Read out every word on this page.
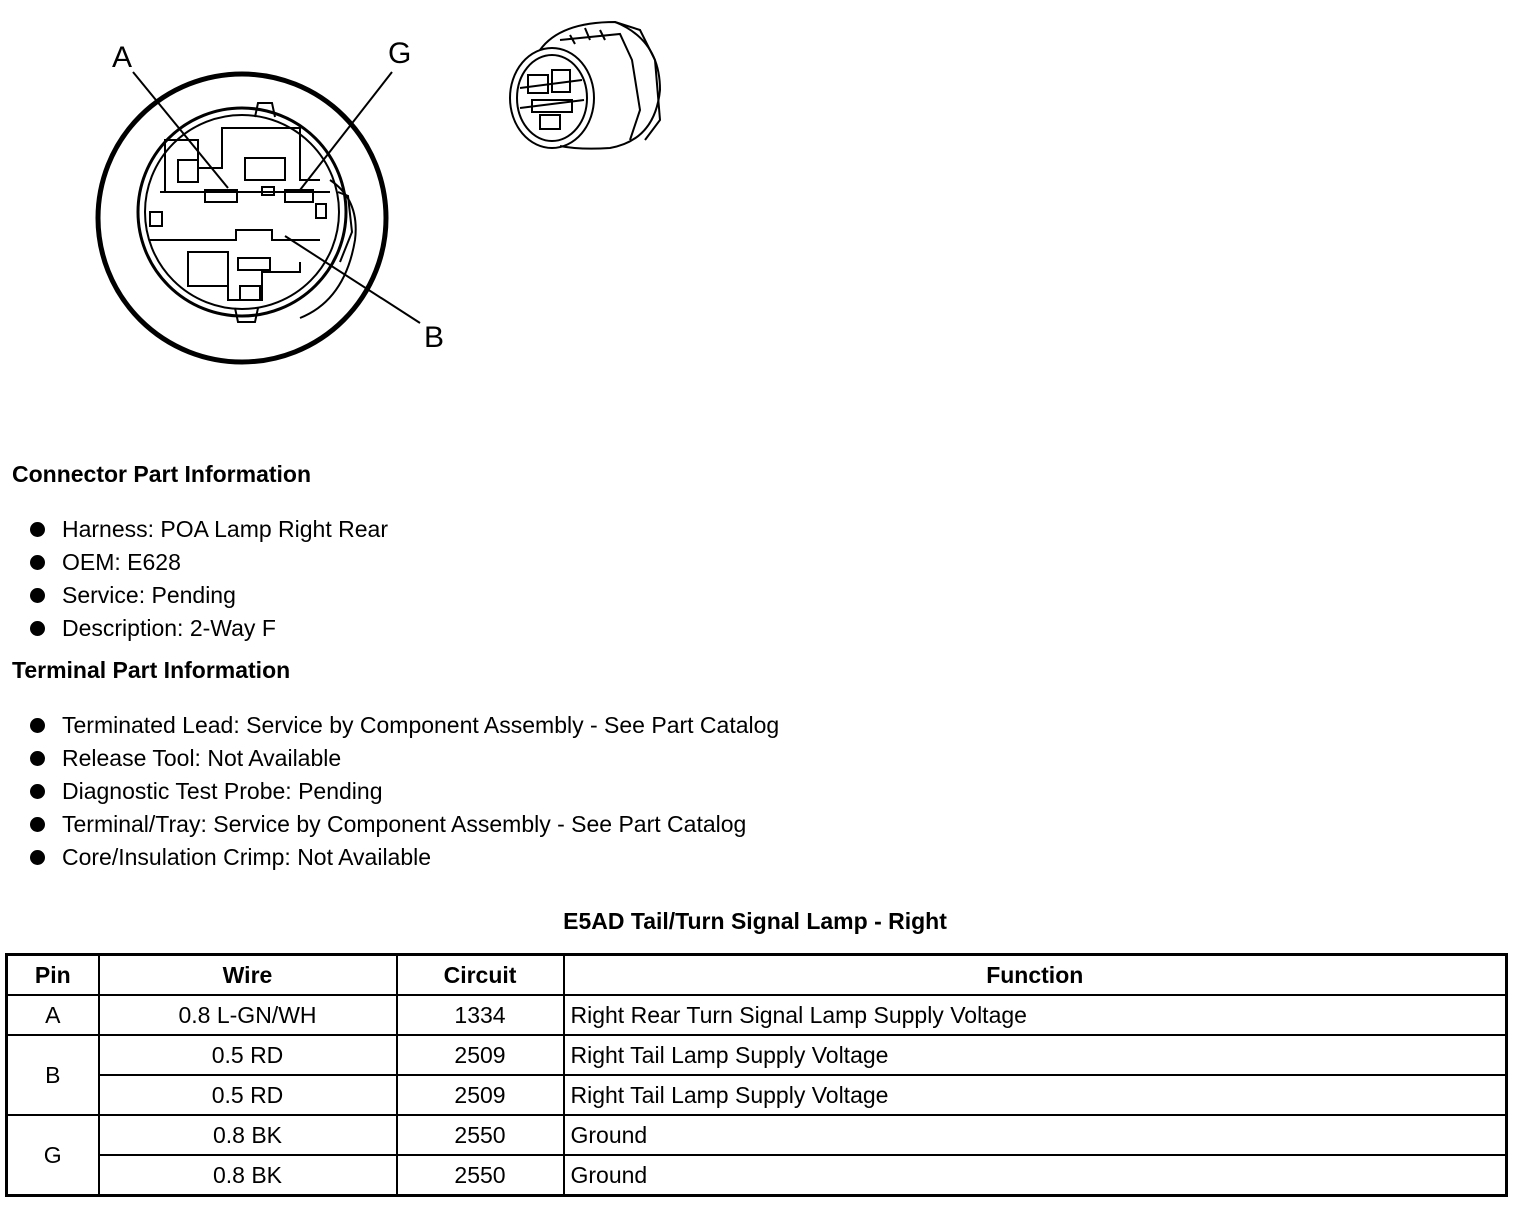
A	G
B
Connector Part Information
Harness: POA Lamp Right Rear
OEM: E628
Service: Pending
Description: 2-Way F
Terminal Part Information
Terminated Lead: Service by Component Assembly - See Part Catalog
Release Tool: Not Available
Diagnostic Test Probe: Pending
Terminal/Tray: Service by Component Assembly - See Part Catalog
Core/Insulation Crimp: Not Available
E5AD Tail/Turn Signal Lamp - Right
Pin	Wire	Circuit	Function
A	0.8 L-GN/WH	1334	Right Rear Turn Signal Lamp Supply Voltage
B	0.5 RD	2509	Right Tail Lamp Supply Voltage
	0.5 RD	2509	Right Tail Lamp Supply Voltage
G	0.8 BK	2550	Ground
	0.8 BK	2550	Ground
